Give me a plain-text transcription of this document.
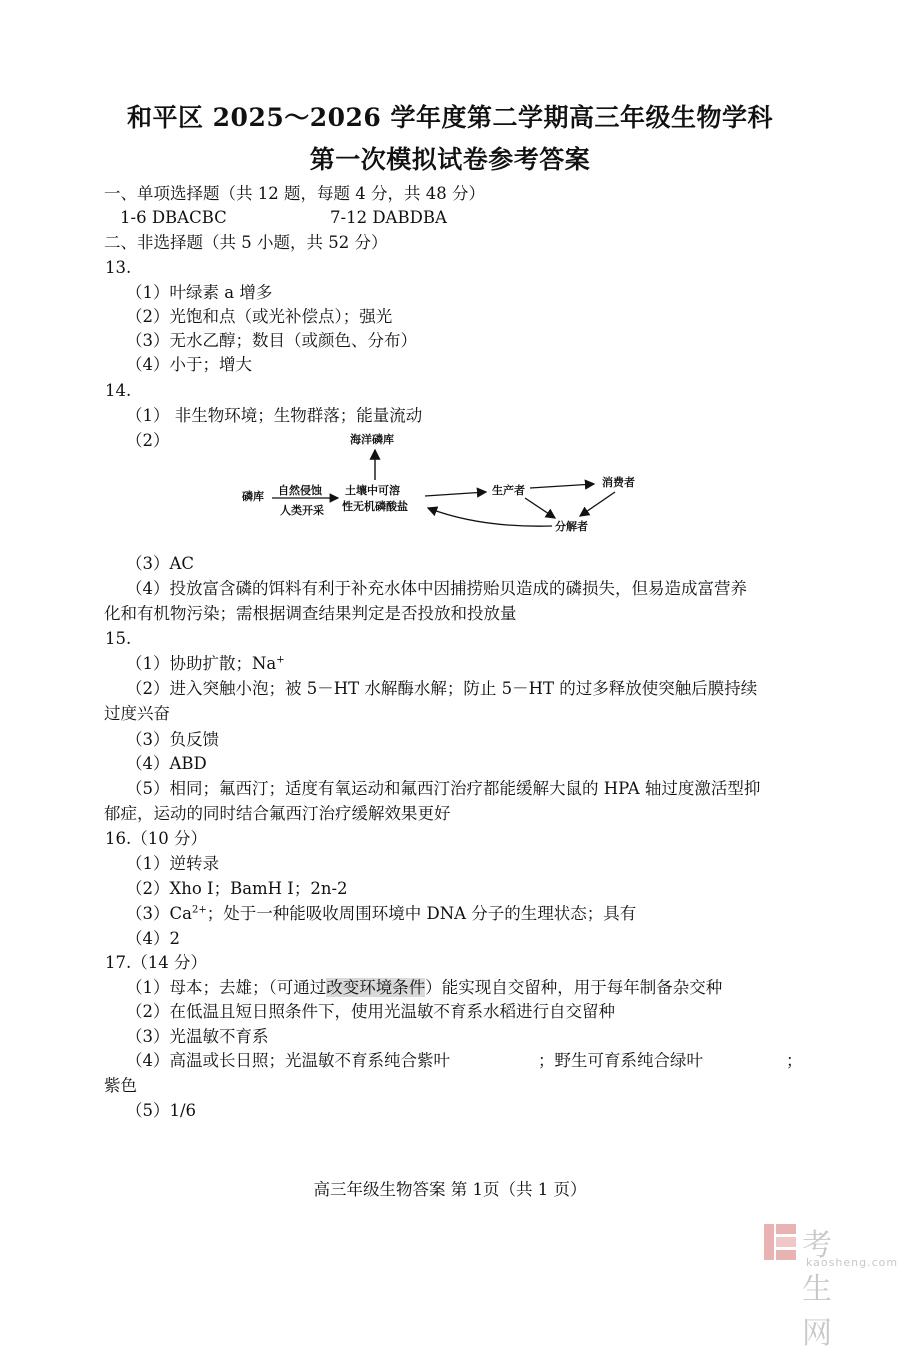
和平区 2025～2026 学年度第二学期高三年级生物学科
第一次模拟试卷参考答案
一、单项选择题（共 12 题，每题 4 分，共 48 分）
1-6 DBACBC	7-12 DABDBA
二、非选择题（共 5 小题，共 52 分）
13.
（1）叶绿素 a 增多
（2）光饱和点（或光补偿点）；强光
（3）无水乙醇；数目（或颜色、分布）
（4）小于；增大
14.
（1） 非生物环境；生物群落；能量流动
（2）	海洋磷库
磷库 自然侵蚀
人类开采
土壤中可溶
性无机磷酸盐
生产者
消费者
分解者
（3）AC
（4）投放富含磷的饵料有利于补充水体中因捕捞贻贝造成的磷损失，但易造成富营养
化和有机物污染；需根据调查结果判定是否投放和投放量
15.
（1）协助扩散；Na+
（2）进入突触小泡；被 5－HT 水解酶水解；防止 5－HT 的过多释放使突触后膜持续
过度兴奋
（3）负反馈
（4）ABD
（5）相同；氟西汀；适度有氧运动和氟西汀治疗都能缓解大鼠的 HPA 轴过度激活型抑
郁症，运动的同时结合氟西汀治疗缓解效果更好
16.（10 分）
（1）逆转录
（2）Xho Ⅰ；BamH Ⅰ；2n-2
$(3)Ca^{2+}$；处于一种能吸收周围环境中 DNA 分子的生理状态；具有
（4）2
17.（14 分）
（1）母本；去雄；（可通过改变环境条件）能实现自交留种，用于每年制备杂交种
（2）在低温且短日照条件下，使用光温敏不育系水稻进行自交留种
（3）光温敏不育系
（4）高温或长日照；光温敏不育系纯合紫叶	；野生可育系纯合绿叶	；
紫色
（5）1/6
高三年级生物答案 第 1页（共 1 页）
考生网
kaosheng.com
